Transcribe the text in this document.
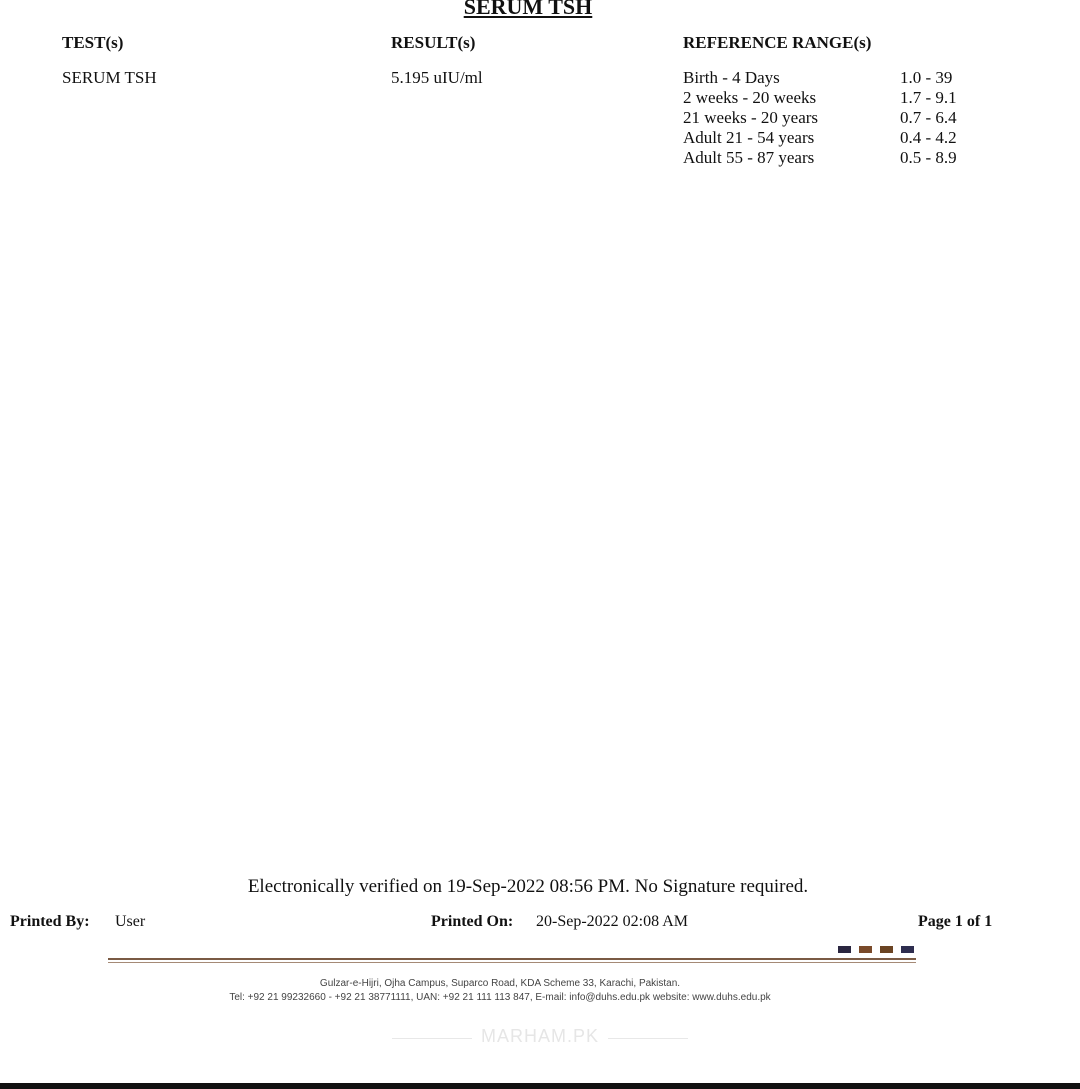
SERUM TSH
TEST(s)	RESULT(s)	REFERENCE RANGE(s)
SERUM TSH	5.195 uIU/ml	Birth - 4 Days	1.0 - 39
2 weeks - 20 weeks	1.7 - 9.1
21 weeks - 20 years	0.7 - 6.4
Adult 21 - 54 years	0.4 - 4.2
Adult 55 - 87 years	0.5 - 8.9
Electronically verified on 19-Sep-2022 08:56 PM. No Signature required.
Printed By: User	Printed On: 20-Sep-2022 02:08 AM	Page 1 of 1
Gulzar-e-Hijri, Ojha Campus, Suparco Road, KDA Scheme 33, Karachi, Pakistan.
Tel: +92 21 99232660 - +92 21 38771111, UAN: +92 21 111 113 847, E-mail: info@duhs.edu.pk website: www.duhs.edu.pk
MARHAM.PK
